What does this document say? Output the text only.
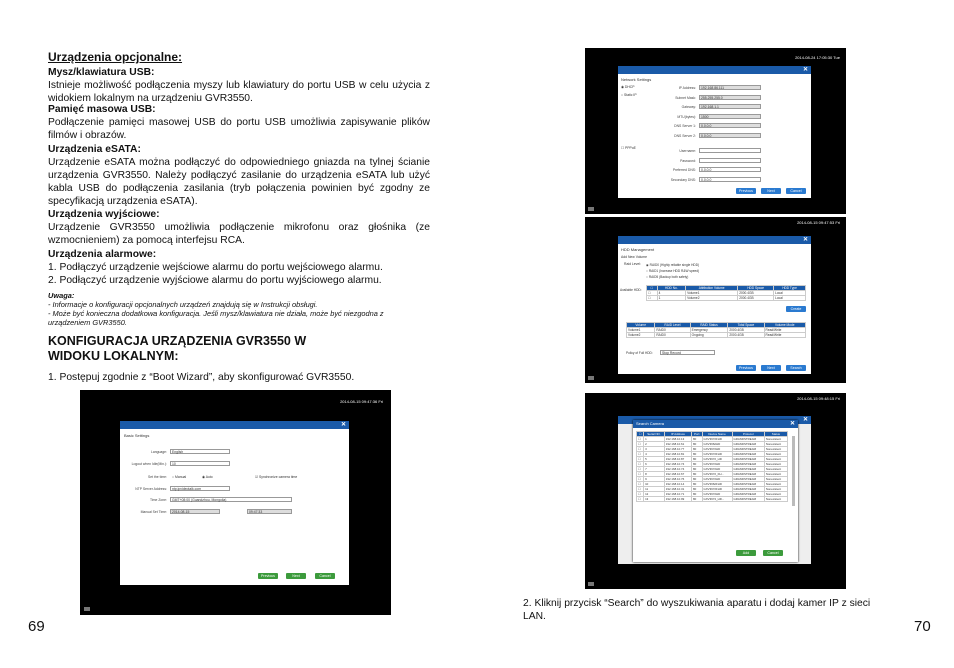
Urządzenia opcjonalne:
Mysz/klawiatura USB:
Istnieje możliwość podłączenia myszy lub klawiatury do portu USB w celu użycia z widokiem lokalnym na urządzeniu GVR3550.
Pamięć masowa USB:
Podłączenie pamięci masowej USB do portu USB umożliwia zapisywanie plików filmów i obrazów.
Urządzenia eSATA:
Urządzenie eSATA można podłączyć do odpowiedniego gniazda na tylnej ścianie urządzenia GVR3550. Należy podłączyć zasilanie do urządzenia eSATA lub użyć kabla USB do podłączenia zasilania (tryb połączenia powinien być zgodny ze specyfikacją urządzenia eSATA).
Urządzenia wyjściowe:
Urządzenie GVR3550 umożliwia podłączenie mikrofonu oraz głośnika (ze wzmocnieniem) za pomocą interfejsu RCA.
Urządzenia alarmowe:
1. Podłączyć urządzenie wejściowe alarmu do portu wejściowego alarmu.
2. Podłączyć urządzenie wyjściowe alarmu do portu wyjściowego alarmu.
Uwaga:
- Informacje o konfiguracji opcjonalnych urządzeń znajdują się w Instrukcji obsługi.
- Może być konieczna dodatkowa konfiguracja. Jeśli mysz/klawiatura nie działa, może być niezgodna z urządzeniem GVR3550.
KONFIGURACJA URZĄDZENIA GVR3550 W
WIDOKU LOKALNYM:
1. Postępuj zgodnie z “Boot Wizard”, aby skonfigurować GVR3550.
69
2014-08-15 09:47:36 Fri
✕
Basic Settings
Language:	English
Logout when Idle(Min.):	10
Set the time: ○ Manual	◉ Auto	☑ Synchronize camera time
NTP Server Address:	ntp.ipvideotalk.com
Time Zone:	GMT+08:00 (Guandzhou, Mongolia)
Manual Set Time:	2014-08-15	09:47:33
Previous	Next	Cancel
2014-08-24 17:05:30 Tue
✕
Network Settings
◉ DHCP
○ Static IP
☐ PPPoE
IP Address:	192.168.86.111
Subnet Mask:	255.255.255.0
Gateway:	192.168.1.1
MTU(bytes):	1500
DNS Server 1:	0.0.0.0
DNS Server 2:	0.0.0.0
Username:
Password:
Preferred DNS:	0.0.0.0
Secondary DNS:	0.0.0.0
Previous	Next	Cancel
2014-08-15 09:47:53 Fri
✕
HDD Management
Add New Volume
Raid Level: ◉ RAID0 (Highly reliable single HDD)
○ RAID1 (Increase HDD R&W speed)
○ RAID5 (Backup both safety)
Available HDD:	☐	HDD No.	Attribution Volume	HDD Space	HDD Type
☐	4	Volume1	2000.4GB	Local
☐	1	Volume2	2000.4GB	Local
Create
Volume	RAID Level	RAID Status	Total Space	Volume Mode
Volume1	RAID0	Emergency	2000.4GB	Read/Write
Volume2	RAID0	Ongoing	2000.4GB	Read/Write
Policy of Full HDD:	Stop Record
Previous	Next	Search
2014-08-15 09:48:15 Fri
✕
Search Camera	✕
☐	Serial NO.	IP Address	Port	Device Name	Protocol	Status
☐	1	192.168.10.13	80	GXV3672FHD	GRANDSTREAM	Nonexistent
☐	2	192.168.10.61	80	GXV3662HD	GRANDSTREAM	Nonexistent
☐	3	192.168.10.77	80	GXV3672HD	GRANDSTREAM	Nonexistent
☐	4	192.168.10.81	80	GXV3672FHD	GRANDSTREAM	Nonexistent
☐	5	192.168.10.87	80	GXV3672_HD	GRANDSTREAM	Nonexistent
☐	6	192.168.10.74	80	GXV3672HD	GRANDSTREAM	Nonexistent
☐	7	192.168.10.74	80	GXV3672HD	GRANDSTREAM	Nonexistent
☐	8	192.168.10.67	80	GXV3672_FH...	GRANDSTREAM	Nonexistent
☐	9	192.168.10.76	80	GXV3672HD	GRANDSTREAM	Nonexistent
☐	10	192.168.10.14	80	GXV3662FHD	GRANDSTREAM	Nonexistent
☐	11	192.168.10.31	80	GXV3672FHD	GRANDSTREAM	Nonexistent
☐	12	192.168.10.71	80	GXV3672HD	GRANDSTREAM	Nonexistent
☐	13	192.168.10.99	80	GXV3674_HD...	GRANDSTREAM	Nonexistent
Add	Cancel
2. Kliknij przycisk “Search” do wyszukiwania aparatu i dodaj kamer IP z sieci LAN.
70
